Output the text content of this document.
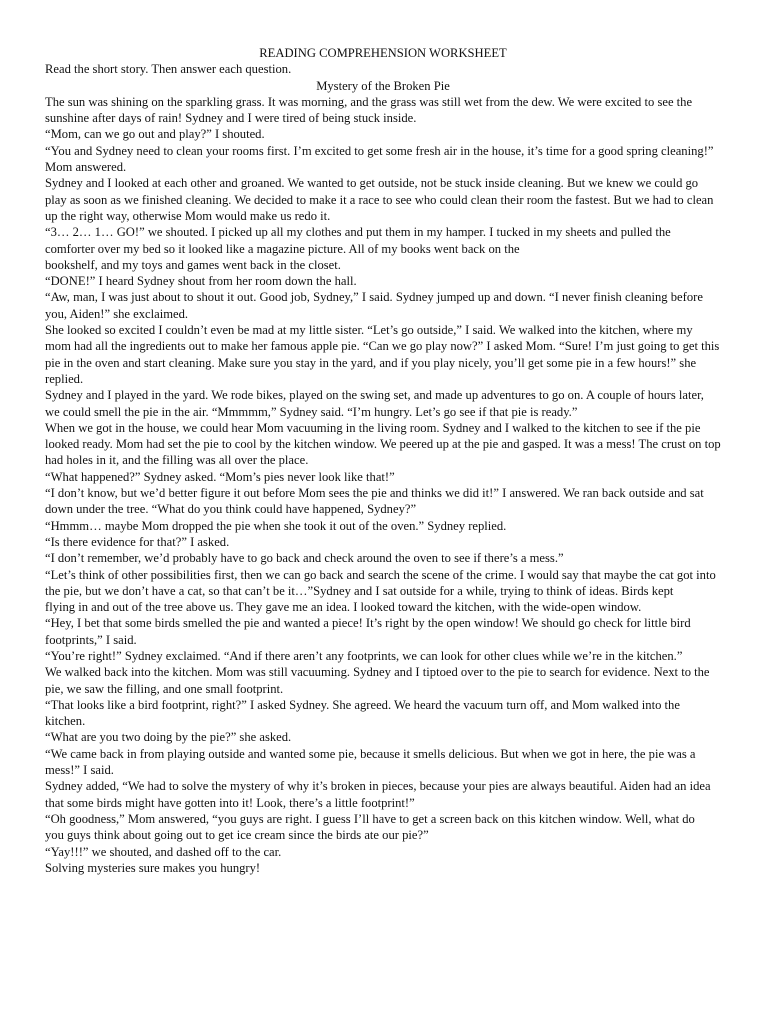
READING COMPREHENSION WORKSHEET

Read the short story. Then answer each question.

Mystery of the Broken Pie

The sun was shining on the sparkling grass. It was morning, and the grass was still wet from the dew. We were excited to see the sunshine after days of rain! Sydney and I were tired of being stuck inside.

“Mom, can we go out and play?” I shouted.

“You and Sydney need to clean your rooms first. I’m excited to get some fresh air in the house, it’s time for a good spring cleaning!” Mom answered.

Sydney and I looked at each other and groaned. We wanted to get outside, not be stuck inside cleaning. But we knew we could go play as soon as we finished cleaning. We decided to make it a race to see who could clean their room the fastest. But we had to clean up the right way, otherwise Mom would make us redo it.

“3… 2… 1… GO!” we shouted. I picked up all my clothes and put them in my hamper. I tucked in my sheets and pulled the comforter over my bed so it looked like a magazine picture. All of my books went back on the

bookshelf, and my toys and games went back in the closet.

“DONE!” I heard Sydney shout from her room down the hall.

“Aw, man, I was just about to shout it out. Good job, Sydney,” I said. Sydney jumped up and down. “I never finish cleaning before you, Aiden!” she exclaimed.

She looked so excited I couldn’t even be mad at my little sister. “Let’s go outside,” I said. We walked into the kitchen, where my mom had all the ingredients out to make her famous apple pie. “Can we go play now?” I asked Mom. “Sure! I’m just going to get this pie in the oven and start cleaning. Make sure you stay in the yard, and if you play nicely, you’ll get some pie in a few hours!” she replied.

Sydney and I played in the yard. We rode bikes, played on the swing set, and made up adventures to go on. A couple of hours later, we could smell the pie in the air. “Mmmmm,” Sydney said. “I’m hungry. Let’s go see if that pie is ready.”

When we got in the house, we could hear Mom vacuuming in the living room. Sydney and I walked to the kitchen to see if the pie looked ready. Mom had set the pie to cool by the kitchen window. We peered up at the pie and gasped. It was a mess! The crust on top had holes in it, and the filling was all over the place.

“What happened?” Sydney asked. “Mom’s pies never look like that!”

“I don’t know, but we’d better figure it out before Mom sees the pie and thinks we did it!” I answered. We ran back outside and sat down under the tree. “What do you think could have happened, Sydney?”

“Hmmm… maybe Mom dropped the pie when she took it out of the oven.” Sydney replied.

“Is there evidence for that?” I asked.

“I don’t remember, we’d probably have to go back and check around the oven to see if there’s a mess.”

“Let’s think of other possibilities first, then we can go back and search the scene of the crime. I would say that maybe the cat got into the pie, but we don’t have a cat, so that can’t be it…”Sydney and I sat outside for a while, trying to think of ideas. Birds kept

flying in and out of the tree above us. They gave me an idea. I looked toward the kitchen, with the wide-open window.

“Hey, I bet that some birds smelled the pie and wanted a piece! It’s right by the open window! We should go check for little bird footprints,” I said.

“You’re right!” Sydney exclaimed. “And if there aren’t any footprints, we can look for other clues while we’re in the kitchen.”

We walked back into the kitchen. Mom was still vacuuming. Sydney and I tiptoed over to the pie to search for evidence. Next to the pie, we saw the filling, and one small footprint.

“That looks like a bird footprint, right?” I asked Sydney. She agreed. We heard the vacuum turn off, and Mom walked into the kitchen.

“What are you two doing by the pie?” she asked.

“We came back in from playing outside and wanted some pie, because it smells delicious. But when we got in here, the pie was a mess!” I said.

Sydney added, “We had to solve the mystery of why it’s broken in pieces, because your pies are always beautiful. Aiden had an idea that some birds might have gotten into it! Look, there’s a little footprint!”

“Oh goodness,” Mom answered, “you guys are right. I guess I’ll have to get a screen back on this kitchen window. Well, what do

you guys think about going out to get ice cream since the birds ate our pie?”

“Yay!!!” we shouted, and dashed off to the car.

Solving mysteries sure makes you hungry!
